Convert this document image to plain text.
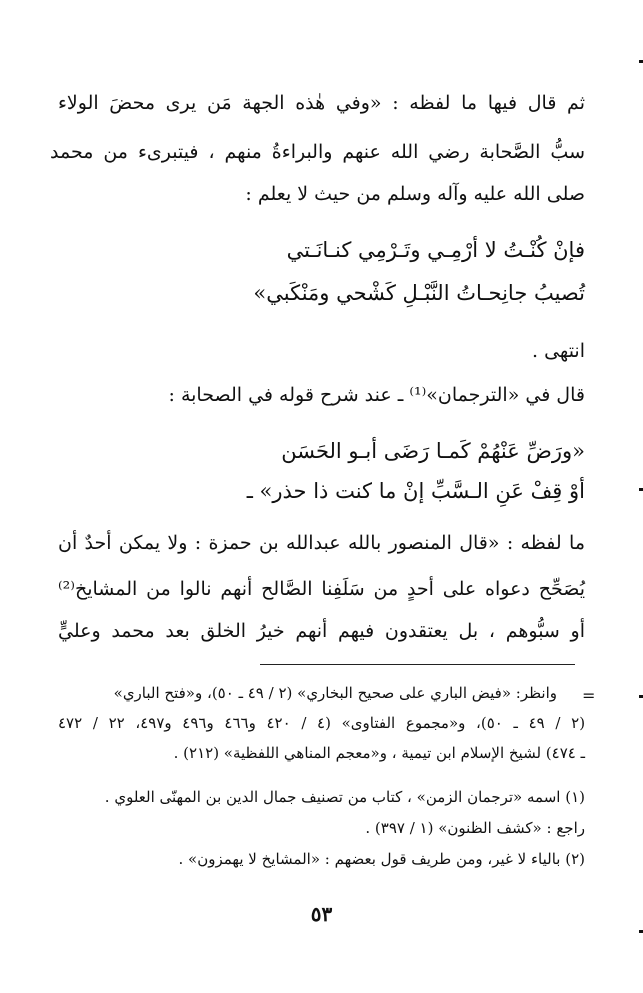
ثم قال فيها ما لفظه : «وفي هٰذه الجهة مَن يرى محضَ الولاء
سبُّ الصَّحابة رضي الله عنهم والبراءةُ منهم ، فيتبرىء من محمد
صلى الله عليه وآله وسلم من حيث لا يعلم :
فإنْ كُنْـتُ لا أرْمِـي وتَـرْمِي كنـانَـتي
تُصيبُ جانِحـاتُ النَّبْـلِ كَشْحي ومَنْكَبي»
انتهى .
قال في «الترجمان»⁽¹⁾ ـ عند شرح قوله في الصحابة :
«ورَضِّ عَنْهُمْ كَمـا رَضَى أبـو الحَسَن
أوْ قِفْ عَنِ الـسَّبِّ إنْ ما كنت ذا حذر» ـ
ما لفظه : «قال المنصور بالله عبدالله بن حمزة : ولا يمكن أحدٌ أن
يُصَحِّح دعواه على أحدٍ من سَلَفِنا الصَّالح أنهم نالوا من المشايخ⁽²⁾
أو سبُّوهم ، بل يعتقدون فيهم أنهم خيرُ الخلق بعد محمد وعليٍّ
=
وانظر: «فيض الباري على صحيح البخاري» (٢ / ٤٩ ـ ٥٠)، و«فتح الباري»
(٢ / ٤٩ ـ ٥٠)، و«مجموع الفتاوى» (٤ / ٤٢٠ و٤٦٦ و٤٩٦ و٤٩٧، ٢٢ / ٤٧٢
ـ ٤٧٤) لشيخ الإسلام ابن تيمية ، و«معجم المناهي اللفظية» (٢١٢) .
(١) اسمه «ترجمان الزمن» ، كتاب من تصنيف جمال الدين بن المهنّى العلوي .
راجع : «كشف الظنون» (١ / ٣٩٧) .
(٢) بالياء لا غير، ومن طريف قول بعضهم : «المشايخ لا يهمزون» .
٥٣
